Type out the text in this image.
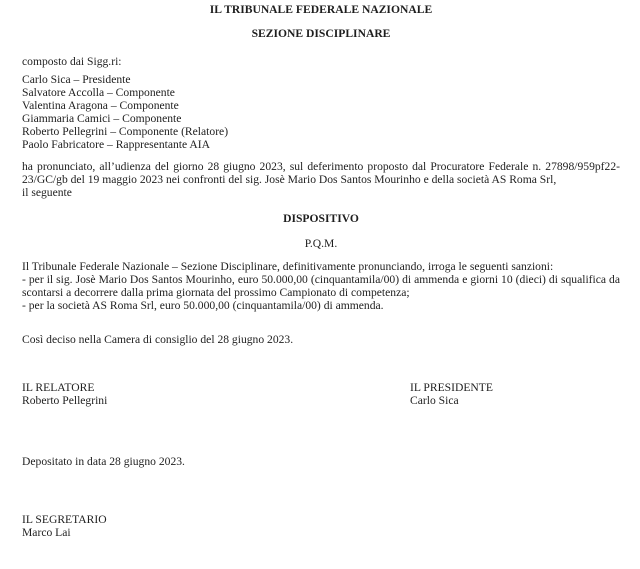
IL TRIBUNALE FEDERALE NAZIONALE
SEZIONE DISCIPLINARE
composto dai Sigg.ri:
Carlo Sica – Presidente
Salvatore Accolla – Componente
Valentina Aragona – Componente
Giammaria Camici – Componente
Roberto Pellegrini – Componente (Relatore)
Paolo Fabricatore – Rappresentante AIA
ha pronunciato, all’udienza del giorno 28 giugno 2023, sul deferimento proposto dal Procuratore Federale n. 27898/959pf22-
23/GC/gb del 19 maggio 2023 nei confronti del sig. Josè Mario Dos Santos Mourinho e della società AS Roma Srl,
il seguente
DISPOSITIVO
P.Q.M.
Il Tribunale Federale Nazionale – Sezione Disciplinare, definitivamente pronunciando, irroga le seguenti sanzioni:
- per il sig. Josè Mario Dos Santos Mourinho, euro 50.000,00 (cinquantamila/00) di ammenda e giorni 10 (dieci) di squalifica da
scontarsi a decorrere dalla prima giornata del prossimo Campionato di competenza;
- per la società AS Roma Srl, euro 50.000,00 (cinquantamila/00) di ammenda.
Così deciso nella Camera di consiglio del 28 giugno 2023.
IL RELATORE
Roberto Pellegrini
IL PRESIDENTE
Carlo Sica
Depositato in data 28 giugno 2023.
IL SEGRETARIO
Marco Lai
